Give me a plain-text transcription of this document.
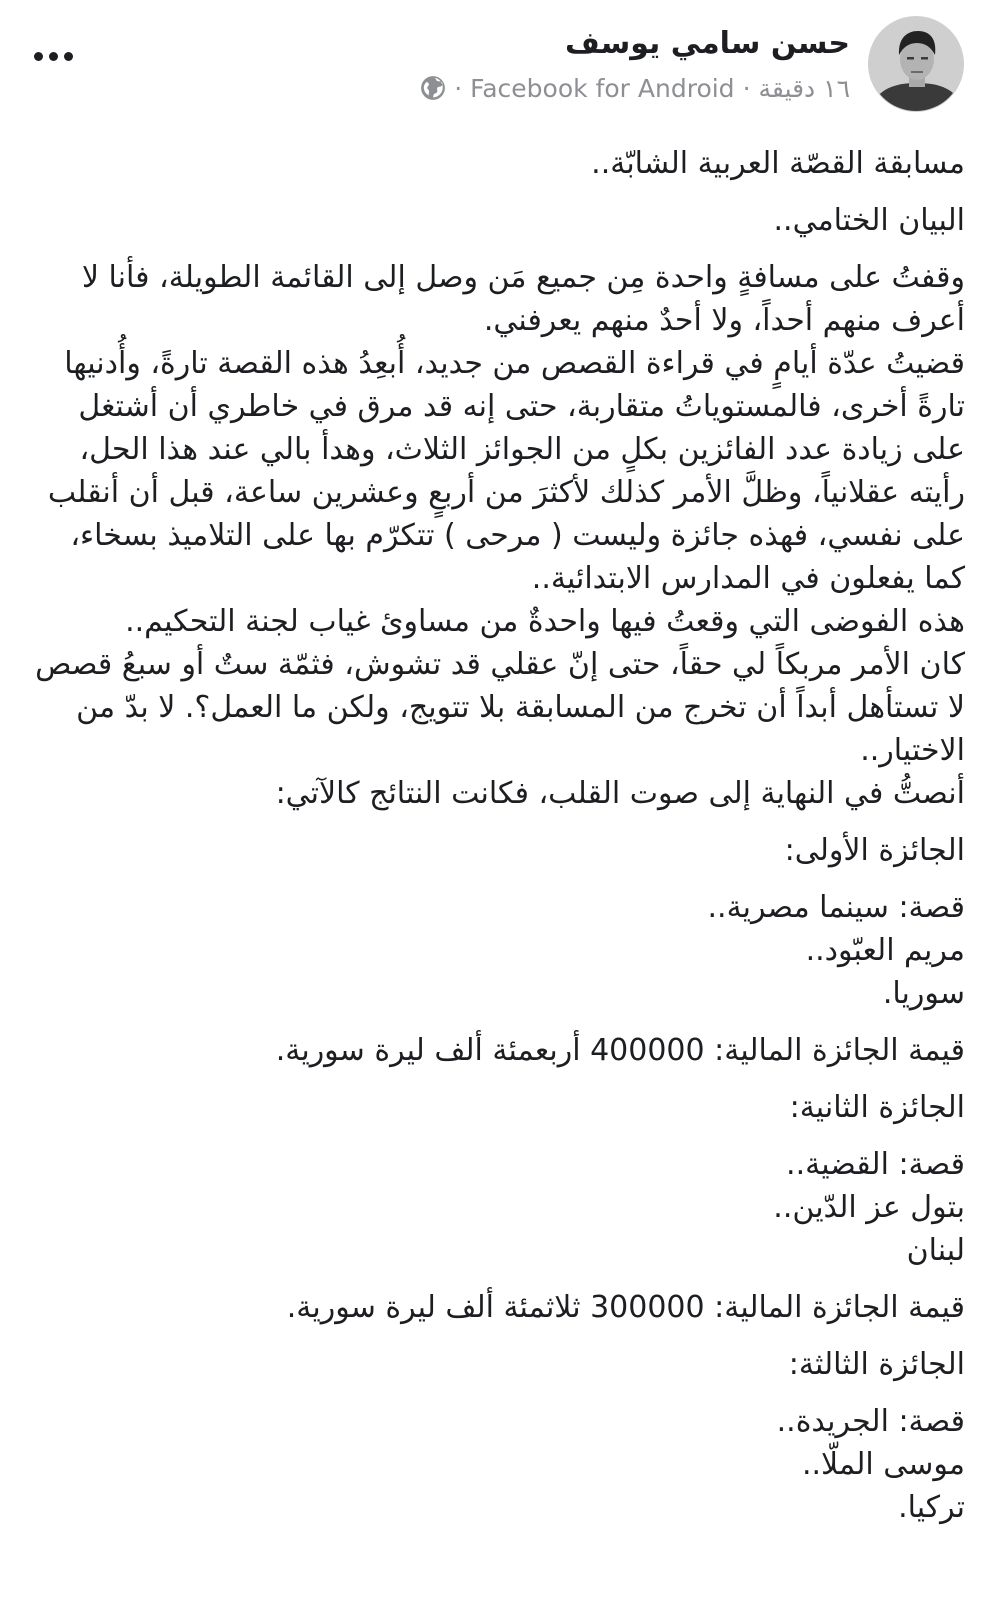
حسن سامي يوسف
١٦ دقيقة
·
Facebook for Android
·

مسابقة القصّة العربية الشابّة..

البيان الختامي..

وقفتُ على مسافةٍ واحدة مِن جميع مَن وصل إلى القائمة الطويلة، فأنا لا أعرف منهم أحداً، ولا أحدٌ منهم يعرفني.

قضيتُ عدّة أيامٍ في قراءة القصص من جديد، أُبعِدُ هذه القصة تارةً، وأُدنيها تارةً أخرى، فالمستوياتُ متقاربة، حتى إنه قد مرق في خاطري أن أشتغل على زيادة عدد الفائزين بكلٍ من الجوائز الثلاث، وهدأ بالي عند هذا الحل، رأيته عقلانياً، وظلَّ الأمر كذلك لأكثرَ من أربعٍ وعشرين ساعة، قبل أن أنقلب على نفسي، فهذه جائزة وليست ( مرحى ) تتكرّم بها على التلاميذ بسخاء، كما يفعلون في المدارس الابتدائية..

هذه الفوضى التي وقعتُ فيها واحدةٌ من مساوئ غياب لجنة التحكيم..

كان الأمر مربكاً لي حقاً، حتى إنّ عقلي قد تشوش، فثمّة ستٌ أو سبعُ قصص لا تستأهل أبداً أن تخرج من المسابقة بلا تتويج، ولكن ما العمل؟. لا بدّ من الاختيار..

أنصتُّ في النهاية إلى صوت القلب، فكانت النتائج كالآتي:

الجائزة الأولى:

قصة: سينما مصرية..

مريم العبّود..

سوريا.

قيمة الجائزة المالية: 400000 أربعمئة ألف ليرة سورية.

الجائزة الثانية:

قصة: القضية..

بتول عز الدّين..

لبنان

قيمة الجائزة المالية: 300000 ثلاثمئة ألف ليرة سورية.

الجائزة الثالثة:

قصة: الجريدة..

موسى الملّا..

تركيا.
